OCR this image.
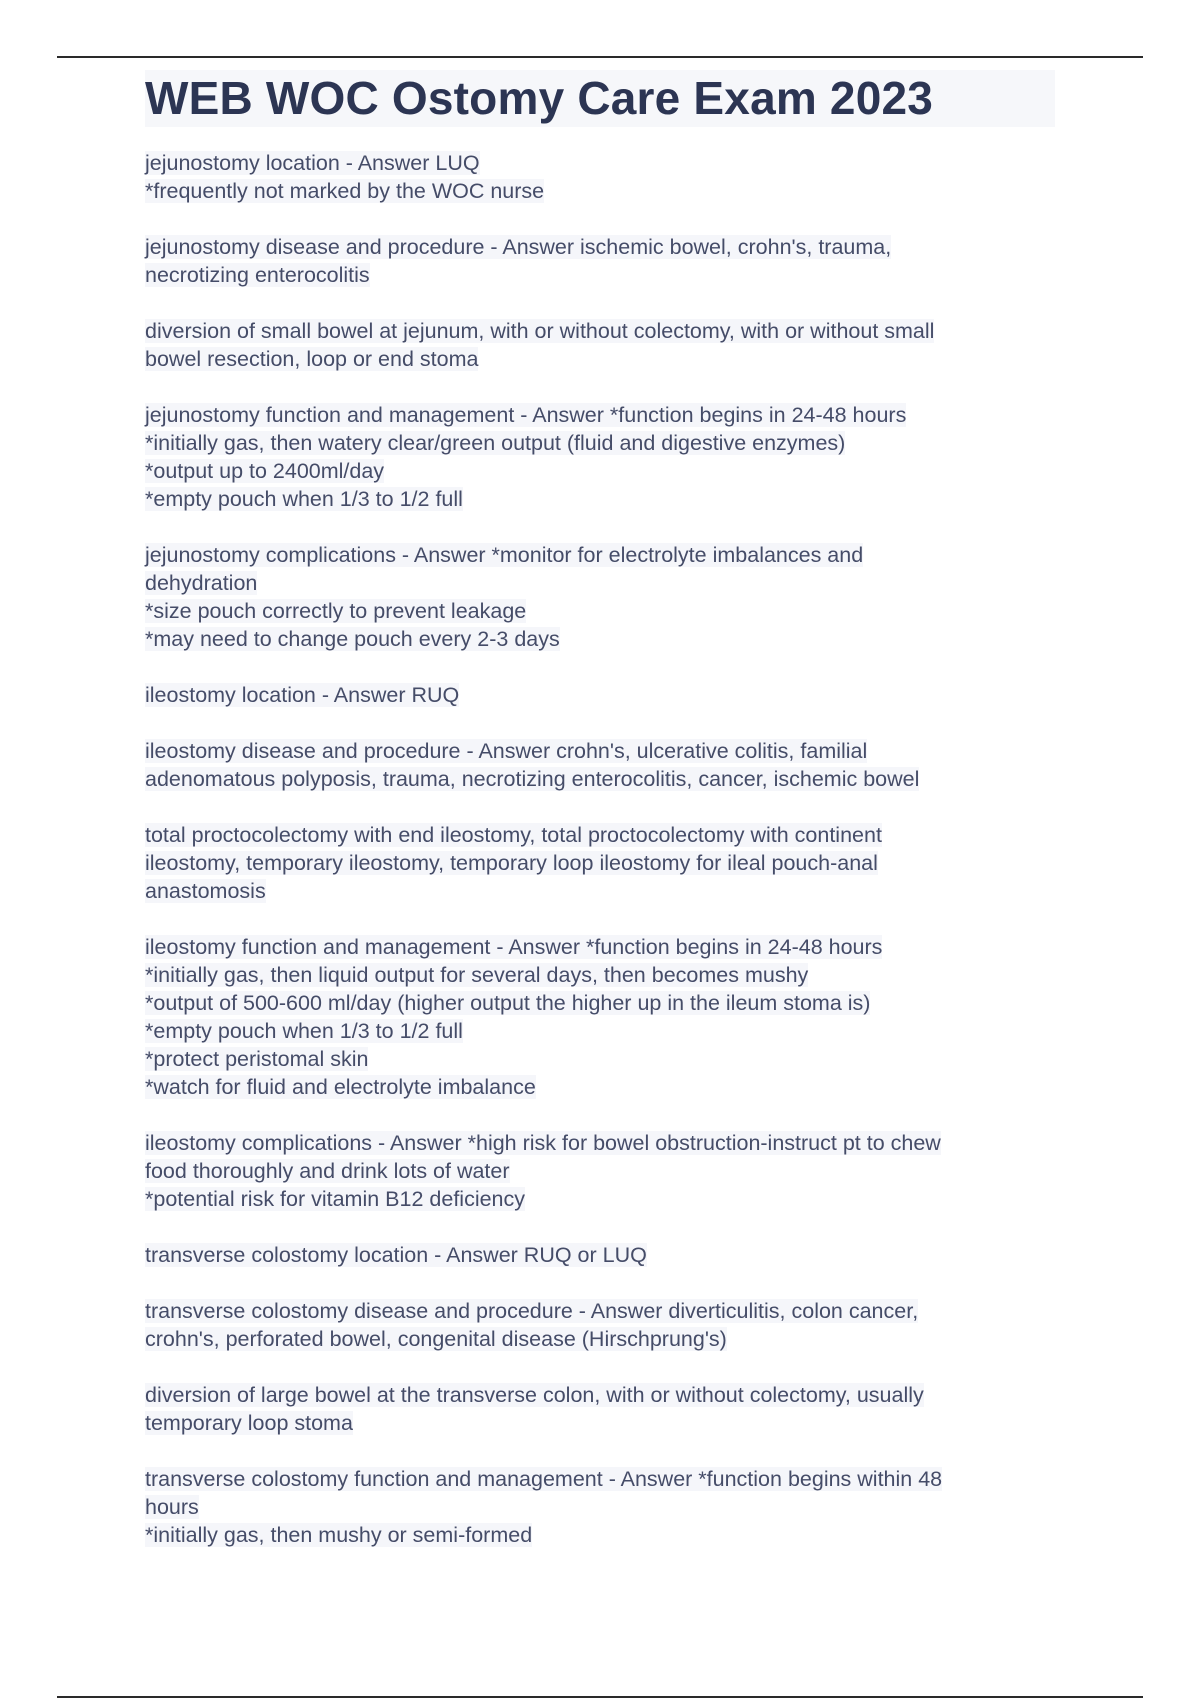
WEB WOC Ostomy Care Exam 2023
jejunostomy location - Answer LUQ
*frequently not marked by the WOC nurse
jejunostomy disease and procedure - Answer ischemic bowel, crohn's, trauma,
necrotizing enterocolitis
diversion of small bowel at jejunum, with or without colectomy, with or without small
bowel resection, loop or end stoma
jejunostomy function and management - Answer *function begins in 24-48 hours
*initially gas, then watery clear/green output (fluid and digestive enzymes)
*output up to 2400ml/day
*empty pouch when 1/3 to 1/2 full
jejunostomy complications - Answer *monitor for electrolyte imbalances and
dehydration
*size pouch correctly to prevent leakage
*may need to change pouch every 2-3 days
ileostomy location - Answer RUQ
ileostomy disease and procedure - Answer crohn's, ulcerative colitis, familial
adenomatous polyposis, trauma, necrotizing enterocolitis, cancer, ischemic bowel
total proctocolectomy with end ileostomy, total proctocolectomy with continent
ileostomy, temporary ileostomy, temporary loop ileostomy for ileal pouch-anal
anastomosis
ileostomy function and management - Answer *function begins in 24-48 hours
*initially gas, then liquid output for several days, then becomes mushy
*output of 500-600 ml/day (higher output the higher up in the ileum stoma is)
*empty pouch when 1/3 to 1/2 full
*protect peristomal skin
*watch for fluid and electrolyte imbalance
ileostomy complications - Answer *high risk for bowel obstruction-instruct pt to chew
food thoroughly and drink lots of water
*potential risk for vitamin B12 deficiency
transverse colostomy location - Answer RUQ or LUQ
transverse colostomy disease and procedure - Answer diverticulitis, colon cancer,
crohn's, perforated bowel, congenital disease (Hirschprung's)
diversion of large bowel at the transverse colon, with or without colectomy, usually
temporary loop stoma
transverse colostomy function and management - Answer *function begins within 48
hours
*initially gas, then mushy or semi-formed
